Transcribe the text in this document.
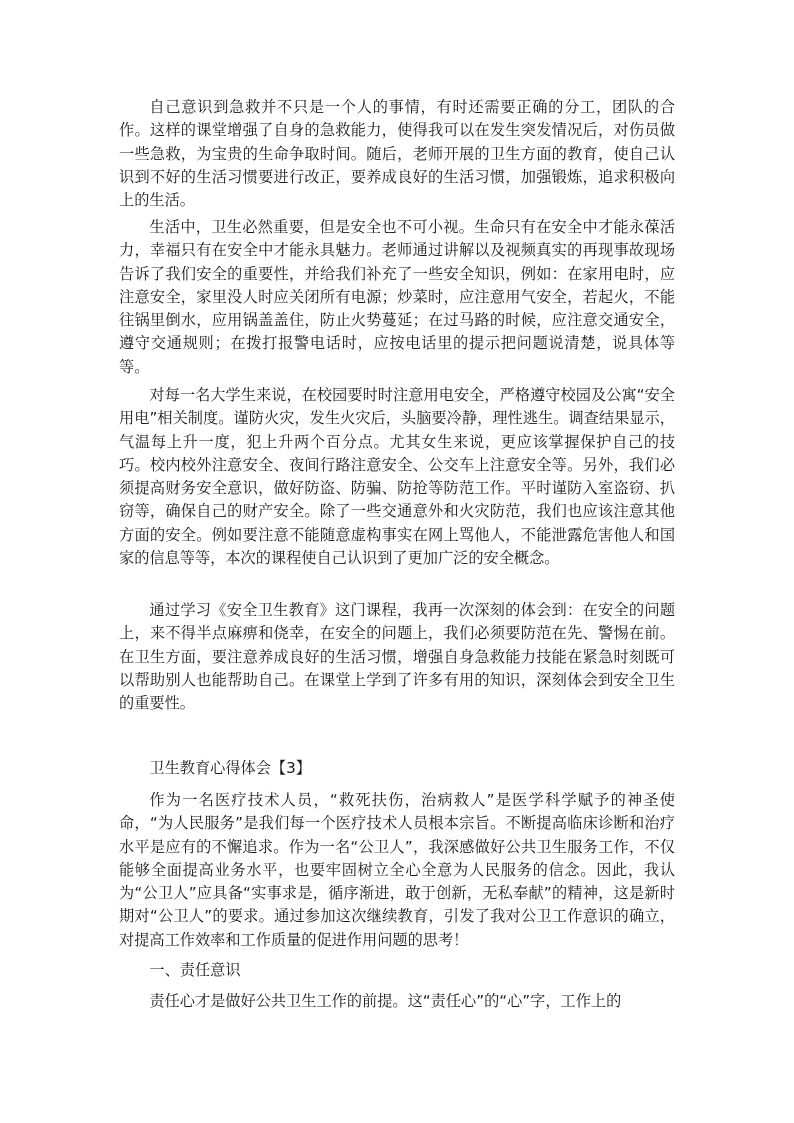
自己意识到急救并不只是一个人的事情，有时还需要正确的分工，团队的合作。这样的课堂增强了自身的急救能力，使得我可以在发生突发情况后，对伤员做一些急救，为宝贵的生命争取时间。随后，老师开展的卫生方面的教育，使自己认识到不好的生活习惯要进行改正，要养成良好的生活习惯，加强锻炼，追求积极向上的生活。

生活中，卫生必然重要，但是安全也不可小视。生命只有在安全中才能永葆活力，幸福只有在安全中才能永具魅力。老师通过讲解以及视频真实的再现事故现场告诉了我们安全的重要性，并给我们补充了一些安全知识，例如：在家用电时，应注意安全，家里没人时应关闭所有电源；炒菜时，应注意用气安全，若起火，不能往锅里倒水，应用锅盖盖住，防止火势蔓延；在过马路的时候，应注意交通安全，遵守交通规则；在拨打报警电话时，应按电话里的提示把问题说清楚，说具体等等。

对每一名大学生来说，在校园要时时注意用电安全，严格遵守校园及公寓“安全用电”相关制度。谨防火灾，发生火灾后，头脑要冷静，理性逃生。调查结果显示，气温每上升一度，犯上升两个百分点。尤其女生来说，更应该掌握保护自己的技巧。校内校外注意安全、夜间行路注意安全、公交车上注意安全等。另外，我们必须提高财务安全意识，做好防盗、防骗、防抢等防范工作。平时谨防入室盗窃、扒窃等，确保自己的财产安全。除了一些交通意外和火灾防范，我们也应该注意其他方面的安全。例如要注意不能随意虚构事实在网上骂他人，不能泄露危害他人和国家的信息等等，本次的课程使自己认识到了更加广泛的安全概念。

通过学习《安全卫生教育》这门课程，我再一次深刻的体会到：在安全的问题上，来不得半点麻痹和侥幸，在安全的问题上，我们必须要防范在先、警惕在前。在卫生方面，要注意养成良好的生活习惯，增强自身急救能力技能在紧急时刻既可以帮助别人也能帮助自己。在课堂上学到了许多有用的知识，深刻体会到安全卫生的重要性。

卫生教育心得体会【3】

作为一名医疗技术人员，“救死扶伤，治病救人”是医学科学赋予的神圣使命，“为人民服务”是我们每一个医疗技术人员根本宗旨。不断提高临床诊断和治疗水平是应有的不懈追求。作为一名“公卫人”，我深感做好公共卫生服务工作，不仅能够全面提高业务水平，也要牢固树立全心全意为人民服务的信念。因此，我认为“公卫人”应具备“实事求是，循序渐进，敢于创新，无私奉献”的精神，这是新时期对“公卫人”的要求。通过参加这次继续教育，引发了我对公卫工作意识的确立，对提高工作效率和工作质量的促进作用问题的思考！

一、责任意识

责任心才是做好公共卫生工作的前提。这“责任心”的“心”字，工作上的
